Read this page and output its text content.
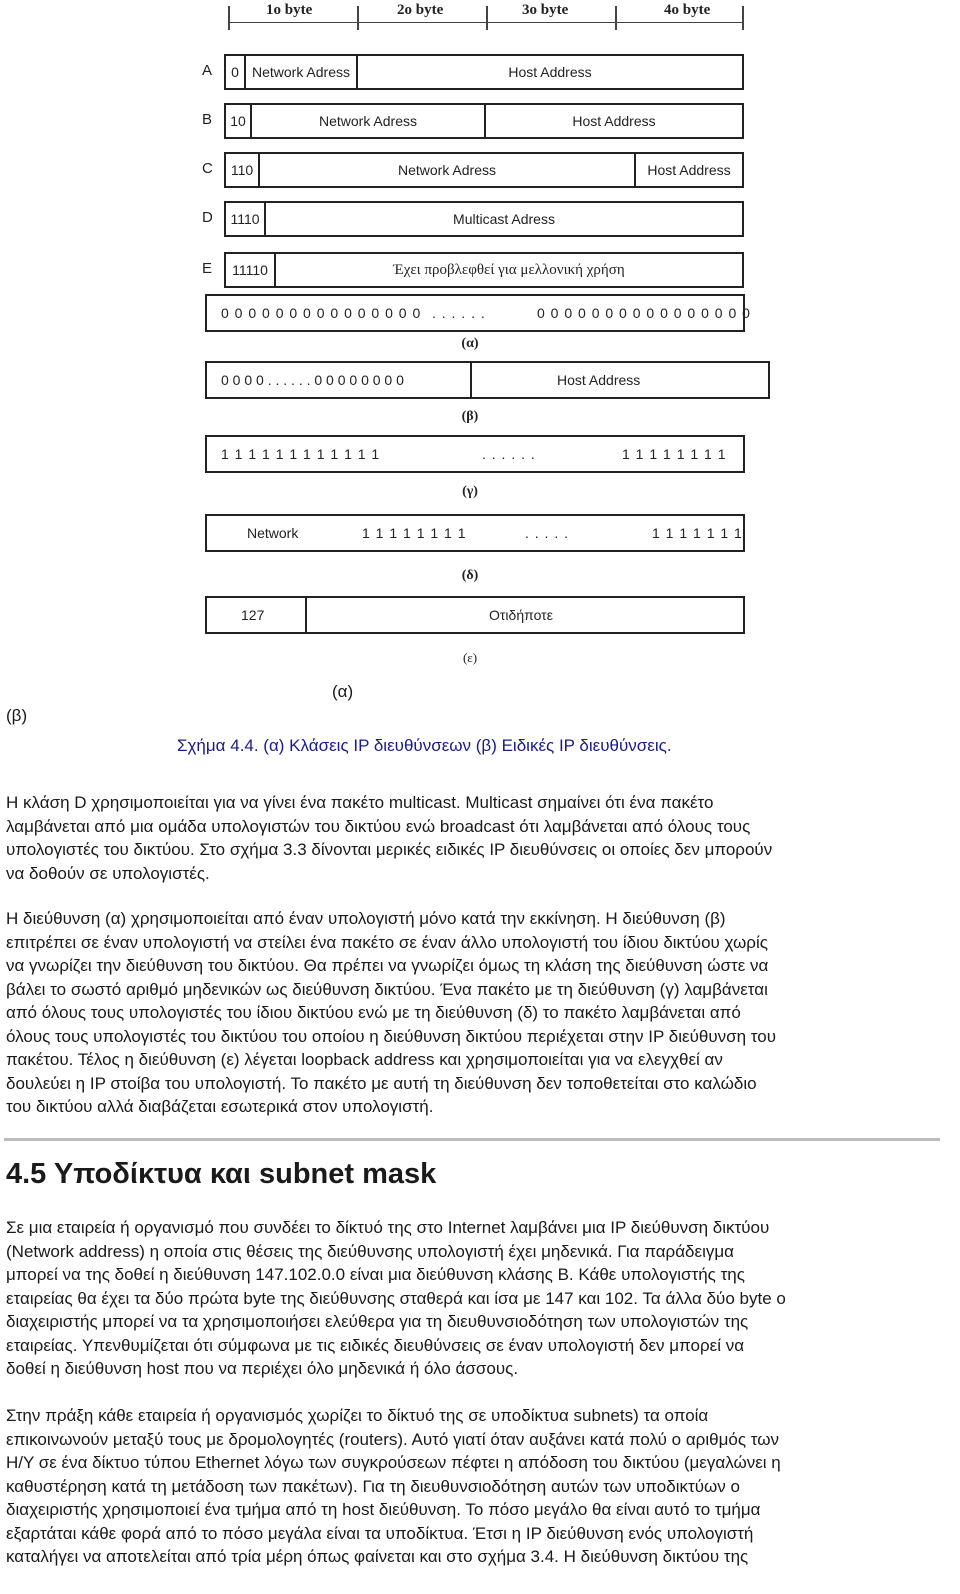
1o byte	2o byte	3o byte	4o byte
A	0 Network Adress	Host Address
B	10	Network Adress	Host Address
C	110	Network Adress	Host Address
D	1110	Multicast Adress
E	11110	Έχει προβλεφθεί για μελλονική χρήση
0 0 0 0 0 0 0 0 0 0 0 0 0 0 0 . . . . . .	0 0 0 0 0 0 0 0 0 0 0 0 0 0 0 0
(α)
0 0 0 0 . . . . . . 0 0 0 0 0 0 0 0	Host Address
(β)
1 1 1 1 1 1 1 1 1 1 1 1	. . . . . .	1 1 1 1 1 1 1 1
(γ)
Network	1 1 1 1 1 1 1 1	. . . . .	1 1 1 1 1 1 1
(δ)
127	Οτιδήποτε
(ε)
(α)
(β)
Σχήμα 4.4. (α) Κλάσεις IP διευθύνσεων (β) Ειδικές IP διευθύνσεις.
Η κλάση D χρησιμοποιείται για να γίνει ένα πακέτο multicast. Multicast σημαίνει ότι ένα πακέτο
λαμβάνεται από μια ομάδα υπολογιστών του δικτύου ενώ broadcast ότι λαμβάνεται από όλους τους
υπολογιστές του δικτύου. Στο σχήμα 3.3 δίνονται μερικές ειδικές IP διευθύνσεις οι οποίες δεν μπορούν
να δοθούν σε υπολογιστές.
Η διεύθυνση (α) χρησιμοποιείται από έναν υπολογιστή μόνο κατά την εκκίνηση. Η διεύθυνση (β)
επιτρέπει σε έναν υπολογιστή να στείλει ένα πακέτο σε έναν άλλο υπολογιστή του ίδιου δικτύου χωρίς
να γνωρίζει την διεύθυνση του δικτύου. Θα πρέπει να γνωρίζει όμως τη κλάση της διεύθυνση ώστε να
βάλει το σωστό αριθμό μηδενικών ως διεύθυνση δικτύου. Ένα πακέτο με τη διεύθυνση (γ) λαμβάνεται
από όλους τους υπολογιστές του ίδιου δικτύου ενώ με τη διεύθυνση (δ) το πακέτο λαμβάνεται από
όλους τους υπολογιστές του δικτύου του οποίου η διεύθυνση δικτύου περιέχεται στην IP διεύθυνση του
πακέτου. Τέλος η διεύθυνση (ε) λέγεται loopback address και χρησιμοποιείται για να ελεγχθεί αν
δουλεύει η IP στοίβα του υπολογιστή. Το πακέτο με αυτή τη διεύθυνση δεν τοποθετείται στο καλώδιο
του δικτύου αλλά διαβάζεται εσωτερικά στον υπολογιστή.
4.5 Υποδίκτυα και subnet mask
Σε μια εταιρεία ή οργανισμό που συνδέει το δίκτυό της στο Internet λαμβάνει μια IP διεύθυνση δικτύου
(Network address) η οποία στις θέσεις της διεύθυνσης υπολογιστή έχει μηδενικά. Για παράδειγμα
μπορεί να της δοθεί η διεύθυνση 147.102.0.0 είναι μια διεύθυνση κλάσης Β. Κάθε υπολογιστής της
εταιρείας θα έχει τα δύο πρώτα byte της διεύθυνσης σταθερά και ίσα με 147 και 102. Τα άλλα δύο byte ο
διαχειριστής μπορεί να τα χρησιμοποιήσει ελεύθερα για τη διευθυνσιοδότηση των υπολογιστών της
εταιρείας. Υπενθυμίζεται ότι σύμφωνα με τις ειδικές διευθύνσεις σε έναν υπολογιστή δεν μπορεί να
δοθεί η διεύθυνση host που να περιέχει όλο μηδενικά ή όλο άσσους.
Στην πράξη κάθε εταιρεία ή οργανισμός χωρίζει το δίκτυό της σε υποδίκτυα subnets) τα οποία
επικοινωνούν μεταξύ τους με δρομολογητές (routers). Αυτό γιατί όταν αυξάνει κατά πολύ ο αριθμός των
Η/Υ σε ένα δίκτυο τύπου Ethernet λόγω των συγκρούσεων πέφτει η απόδοση του δικτύου (μεγαλώνει η
καθυστέρηση κατά τη μετάδοση των πακέτων). Για τη διευθυνσιοδότηση αυτών των υποδικτύων ο
διαχειριστής χρησιμοποιεί ένα τμήμα από τη host διεύθυνση. Το πόσο μεγάλο θα είναι αυτό το τμήμα
εξαρτάται κάθε φορά από το πόσο μεγάλα είναι τα υποδίκτυα. Έτσι η IP διεύθυνση ενός υπολογιστή
καταλήγει να αποτελείται από τρία μέρη όπως φαίνεται και στο σχήμα 3.4. Η διεύθυνση δικτύου της
